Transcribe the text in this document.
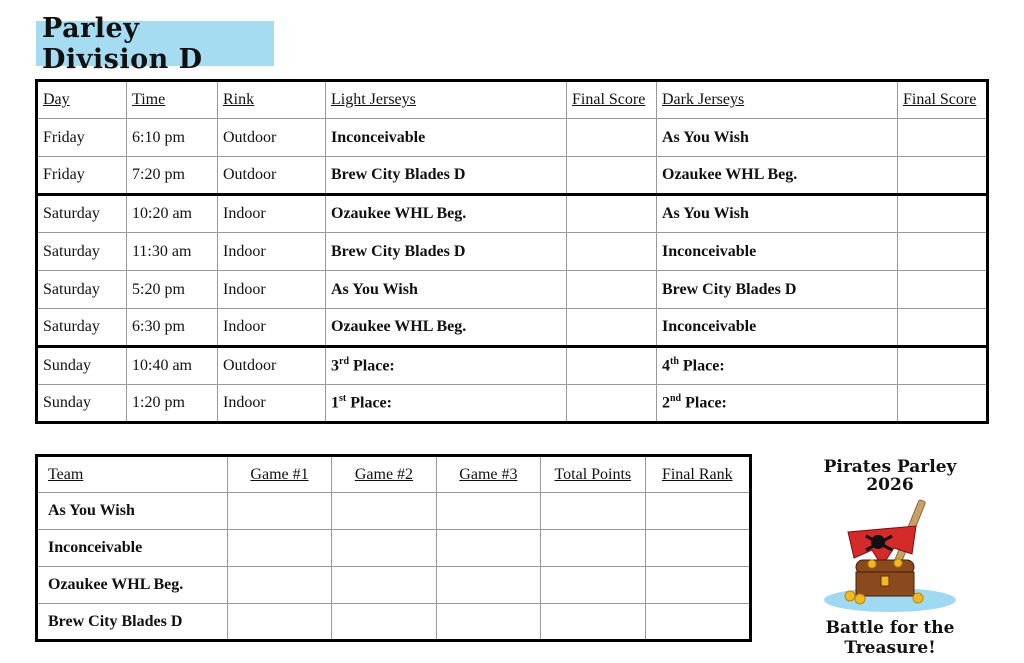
Parley Division D
Day	Time	Rink	Light Jerseys	Final Score	Dark Jerseys	Final Score
Friday	6:10 pm	Outdoor	Inconceivable		As You Wish	
Friday	7:20 pm	Outdoor	Brew City Blades D		Ozaukee WHL Beg.	
Saturday	10:20 am	Indoor	Ozaukee WHL Beg.		As You Wish	
Saturday	11:30 am	Indoor	Brew City Blades D		Inconceivable	
Saturday	5:20 pm	Indoor	As You Wish		Brew City Blades D	
Saturday	6:30 pm	Indoor	Ozaukee WHL Beg.		Inconceivable	
Sunday	10:40 am	Outdoor	3rd Place:		4th Place:	
Sunday	1:20 pm	Indoor	1st Place:		2nd Place:	
Team	Game #1	Game #2	Game #3	Total Points	Final Rank
As You Wish					
Inconceivable					
Ozaukee WHL Beg.					
Brew City Blades D					
Pirates Parley
2026
Battle for the Treasure!
